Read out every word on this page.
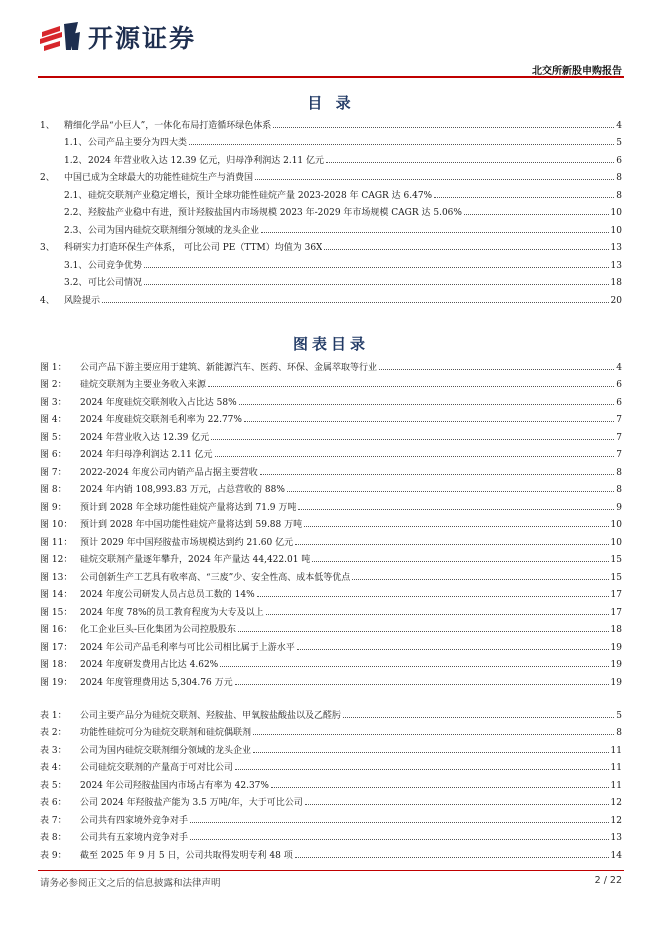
开源证券
北交所新股申购报告
目 录
1、	精细化学品“小巨人”，一体化布局打造循环绿色体系	4
1.1、 公司产品主要分为四大类	5
1.2、 2024 年营业收入达 12.39 亿元，归母净利润达 2.11 亿元	6
2、	中国已成为全球最大的功能性硅烷生产与消费国	8
2.1、 硅烷交联剂产业稳定增长，预计全球功能性硅烷产量 2023-2028 年 CAGR 达 6.47%	8
2.2、 羟胺盐产业稳中有进，预计羟胺盐国内市场规模 2023 年-2029 年市场规模 CAGR 达 5.06%	10
2.3、 公司为国内硅烷交联剂细分领域的龙头企业	10
3、	科研实力打造环保生产体系， 可比公司 PE（TTM）均值为 36X	13
3.1、 公司竞争优势	13
3.2、 可比公司情况	18
4、	风险提示	20
图表目录
图 1：	公司产品下游主要应用于建筑、新能源汽车、医药、环保、金属萃取等行业	4
图 2：	硅烷交联剂为主要业务收入来源	6
图 3：	2024 年度硅烷交联剂收入占比达 58%	6
图 4：	2024 年度硅烷交联剂毛利率为 22.77%	7
图 5：	2024 年营业收入达 12.39 亿元	7
图 6：	2024 年归母净利润达 2.11 亿元	7
图 7：	2022-2024 年度公司内销产品占据主要营收	8
图 8：	2024 年内销 108,993.83 万元，占总营收的 88%	8
图 9：	预计到 2028 年全球功能性硅烷产量将达到 71.9 万吨	9
图 10： 预计到 2028 年中国功能性硅烷产量将达到 59.88 万吨	10
图 11： 预计 2029 年中国羟胺盐市场规模达到约 21.60 亿元	10
图 12： 硅烷交联剂产量逐年攀升，2024 年产量达 44,422.01 吨	15
图 13： 公司创新生产工艺具有收率高、“三废”少、安全性高、成本低等优点	15
图 14： 2024 年度公司研发人员占总员工数的 14%	17
图 15： 2024 年度 78%的员工教育程度为大专及以上	17
图 16： 化工企业巨头-巨化集团为公司控股股东	18
图 17： 2024 年公司产品毛利率与可比公司相比属于上游水平	19
图 18： 2024 年度研发费用占比达 4.62%	19
图 19： 2024 年度管理费用达 5,304.76 万元	19
表 1：	公司主要产品分为硅烷交联剂、羟胺盐、甲氧胺盐酸盐以及乙醛肟	5
表 2：	功能性硅烷可分为硅烷交联剂和硅烷偶联剂	8
表 3：	公司为国内硅烷交联剂细分领域的龙头企业	11
表 4：	公司硅烷交联剂的产量高于可对比公司	11
表 5：	2024 年公司羟胺盐国内市场占有率为 42.37%	11
表 6：	公司 2024 年羟胺盐产能为 3.5 万吨/年，大于可比公司	12
表 7：	公司共有四家境外竞争对手	12
表 8：	公司共有五家境内竞争对手	13
表 9：	截至 2025 年 9 月 5 日，公司共取得发明专利 48 项	14
请务必参阅正文之后的信息披露和法律声明	2 / 22
